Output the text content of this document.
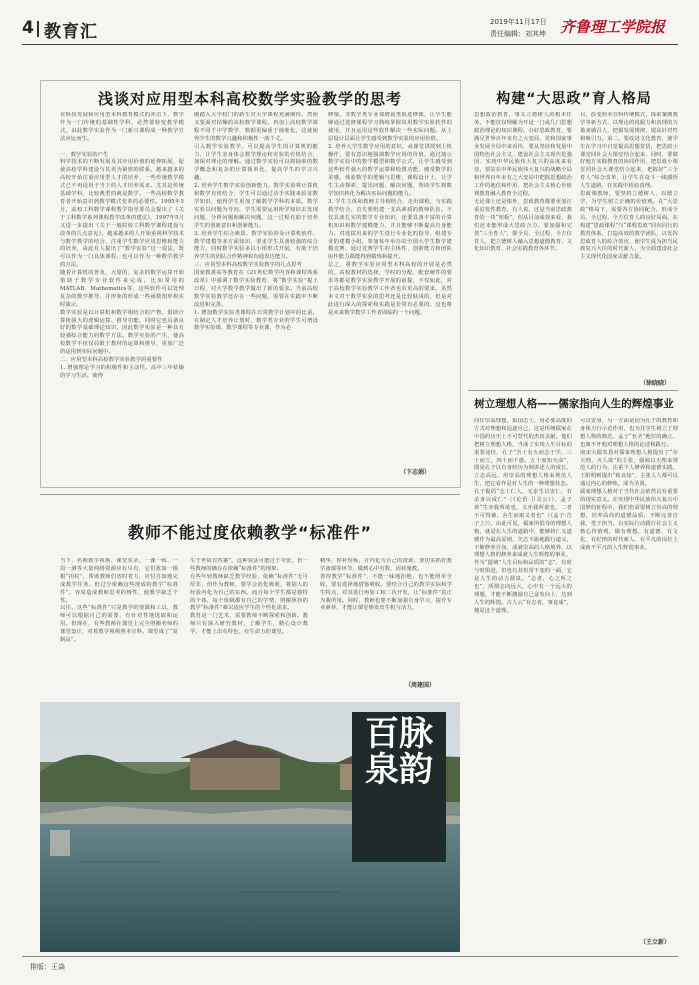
4 教育汇	2019年11月17日
责任编辑：刘其坤 齐鲁理工学院报
浅谈对应用型本科高校数学实验教学的思考
在科技发展和应用型本科教育模式的冲击下，数学作为一门传统的基础性学科，必然要转变教学模式，由此数学实验作为一门新兴课程成一种教学方法应运而生。

一、数学实验的产生
科学技术的不断发展及其应用价值的延伸拓展，促使高校学科建设与其更为紧密的联系。越来越多的高校开始注重应用型人才的培养，一些传统教学模式已不再适用于当下的人才培养需求。尤其是传统基础学科，比较典型的就是数学。一些高校数学教育者开始意识到教学模式变革的必要性。1995年5月，高校工科数学课程教学指导委员会提出了《关于工科数学系列课程教学改革的建议》，1997年5月又进一步提出《关于一般院校工科数学课程建设与改革的几点意见》。越来越多的人开始重视科学技术与数学教学的结合，注重学生数学应用思维和能力的培养，由此有人提出了“数学实验”这一说法，既可以作为一门具体课程，也可以作为一种数学教学的方法。
随着计算机的普及，大量的、复杂的数学运算开始借助于数学专业软件来完成，比如常用的MATLAB、Mathematics等，这些软件可以处理复杂的数学推导、并形象的形成一些函数图形和实时演示。
数学实验是以计算机和数学相结合的产物。借助计算机强大的逻辑运算、推导功能，同时它也具备良好的数学基础理论知识，因此数学实验是一种具有较强综合能力的数学方法。数学实验的产生，使高校数学不仅仅局限于教材的运算和推导，更加广泛的运用到实际问题中。
二、应用型本科高校数学实验教学的重要性
1. 增强理论学习的积极性和主动性。高中三年枯燥的学习生活，使得
刚踏入大学校门的新生对大学课程充满期待。然而又要面对枯燥的高校数学课程。再加上高校数学课程不同于中学数学，数据更偏重于抽象化，这就使得学生的数学兴趣和积极性一落千丈。
引入数学实验教学，可以提高学生的计算机的能力，让学生亲身体会数学理论和实验的有机结合，加深对理论的理解。通过数学实验可以将抽象的数学概念和复杂的计算简单化，提高学生的学习兴趣。
2. 培养学生数学实验创新能力。数学实验将计算机和数学有机结合，学生可以通过动手实践来验证数学知识，使得学生更加了解数学学科的本质。数学实验以问题为导向，学生需要运用所学知识去发现问题、分析问题和解决问题，这一过程有助于培养学生的创新意识和创新能力。
3. 培养学生综合素质。数学实验涉及计算机软件、数学建模等多方面知识，要求学生具备较强的综合能力。同时数学实验多以小组形式开展，有助于培养学生的团队合作精神和沟通表达能力。
三、应用型本科高校数学实验教学的几点思考
国家教委高等教育在《21世纪数学内容和课程体系改革》中强调了数学实验教育，将“数学实验”提上日程，对大学数学教学做出了新的要求。当前高校数学实验教学还存在一些问题，需要在实践中不断改进和完善。
1. 增加数学实验类课程在日常教学计划中的比重。在制定人才培养计划时，数学类专业的学生可增设数学实验课，数学课程等专业课，作为必
修课。非数学类专业课增设类似选修课，让学生能够通过选修课程学习熟练掌握常用数学实验软件的使用，并且运用这些软件解决一些实际问题。从上层设计层面让学生感受到数学实验的应用价值。
2. 培养大学生数学应用的意识。从课堂讲授到上机操作，要有意识地强调数学应用的价值。通过演示数学实验中的数学模型和数学公式，让学生感受到这些软件强大的数学运算和绘图功能，感受数学的美感，体验数学的逻辑与思维，课程设计上，让学生主动探索、提出问题、解决问题，帮助学生将数学知识转化为解决实际问题的能力。
3. 学生主体和教师主导相结合，走出课程，与实践教学结合。首先要组建一支高素质的教师队伍。不仅具备扎实的数学专业知识，还要具备丰富的计算机知识和数学建模能力，并且能够不断提高自身能力。对选拔出来的学生进行专业化的指导，组建专业的建模小组，参加每年举办的全国大学生数学建模竞赛。通过竞赛学生的主体性、创新能力和团队协作能力都能得到锻炼和提升。
总之，将数学实验应用型本科高校的开展是必然的。高校教材的选择，学时的分配、配套硬件的要求等都是数学实验教学开展的前提，不仅如此，对于高校数学实验教学工作者也有更高的要求。虽然本文对于数学实验的思考还是比较肤浅的，但是对此进行深入的探索和实践是非常有必要的。这也将是未来数学教学工作者面临的一个问题。
（卞志娟）
构建“大思政”育人格局
思想政治教育，事关立德树人的根本任务，不能仅仅理解为开设一门或几门思想政治理论的知识课程。办好思政教育，要满足世界百年未有之大变局、党和国家事业发展全局中来看待，要从坚持和发展中国特色社会主义、建设社会主义现代化强国、实现中华民族伟大复兴的高度来看待，要站在中华民族伟大复兴的战略全局和世界百年未有之大变局中把握思想政治工作的地位和作用，把社会主义核心价值观教育融入教育全过程。
无论课上还是课外，思政教育都要更加注重启发性教育，有人说，这是当前思政教育的一块“短板”，但从目前成效来看，我们还未能形成大思政合力。要加强和完善“三全育人”，即全员、全过程、全方位育人，把立德树人融入思想道德教育、文化知识教育、社会实践教育各环节。
目，改变照本宣科传统模式，探索案例教学等新方式，以理论的说服力和真理的力量来感召人，把握发展规律，提高针对性和吸引力。第二，要改进文化教育，使学生在学习中自觉提高思想觉悟，把思政小课堂同社会大课堂结合起来，同时，要做好地方实践教育的协同作用，把思政小课堂同社会大课堂结合起来，把握好“三全育人”综合改革，让学生在奋斗一线感悟人生道路，在实践中检验真理。
思政课教师，要坚持立德树人，以德立学，为学生树立正确的价值观。在“大思政”格局下，需要各方协同配合，形成全员、全过程、全方位育人的良好局面。在构建“思政课程”与“课程思政”同向同行的教育体系，打造高效的教学团队，以发挥思政育人的综合效应，使学生成为担当民族复兴大任的时代新人，为全面建设社会主义现代化国家贡献力量。
（徐晓晓）
树立理想人格——儒家指向人生的辉煌事业
向往崇高理想，报国志士，用必要高度的方式对理想和追逐自己，这是传统儒家在中国的历史上不可替代的杰出贡献。他们把树立理想人格，当成了实现人生目标的重要途径，孔子“吾十有五而志于学，三十而立，四十而不惑，五十而知天命”，即是孔子以自身经历为例讲述人的成长，立志高远，用崇高的理想人格来规范人生，把它看作是对人生的一种理想状态。
孔子提倡“志士仁人，无求生以害仁，有杀身以成仁”（《论语·卫灵公》），孟子讲“生亦我所欲也，义亦我所欲也，二者不可得兼，舍生而取义者也”（《孟子·告子上》）。由此可见，儒家所倡导的理想人格，就是在人生的道路中，能够将仁义道德作为最高原则，矢志不渝地践行道义，不断修养自身，成就崇高的人格境界，以理想人格的修养来成就人生辉煌的事业。
作为“提统”人生目标和品质的“志”，有时与时俱进，但也有其恒常不变的一面，它是人生的动力源泉。“志者，心之所之也”，所谓志向远大，心中有一个远大的理想，才能不断激励自己奋发向上，达到人生的辉煌。古人云“有志者，事竟成”，便是这个道理。
可以安身，另一方面是因为孔子的教育和身体力行示范作用，也为其学生树立了理想人格的典范。孟子“亚圣”地位的确立，也离不开他对理想人格的论述和践行。
南宋大儒朱熹对儒家理想人格提出了“存天理，灭人欲”的主张，强调以天理来规范人的行为，注重个人修养和道德实践。王阳明则提出“致良知”，主张人人都可以通过内心的修炼，成为圣贤。
儒家理想人格对于当代社会依然具有重要的现实意义。在实现中华民族伟大复兴中国梦的征程中，我们仍需要树立崇高的理想，培养高尚的道德品质，不断完善自我，勇于担当，以实际行动践行社会主义核心价值观，做有理想、有道德、有文化、有纪律的时代新人，在平凡的岗位上成就不平凡的人生辉煌事业。
（王立新）
教师不能过度依赖教学“标准件”
当下，名师教学视频、课堂实录、一课一练、一周一测等大量网络资源应有尽有，它们犹如一根根“拐杖”，帮助教师们省时省力，应付自如地完成教学任务。但过分依赖这些现成的教学“标准件”，容易造成教师思考的惰性，使教学缺乏个性。
以往，这些“标准件”只是教学的资源和工具，教师可以根据自己的需要，有针对性地选取和运用。但现在，有些教师在课堂上完全照搬名师的课堂设计，对着教学视频照本宣科，课堂成了“复制品”。
生于世故有答案”，这种说法可能过于夸张，但一些教师的确存在依赖“标准件”的现象。
有些年轻教师缺乏教学经验，依赖“标准件”无可厚非，但作为教师，要学会消化吸收，将别人的经验内化为自己的东西。而且每个学生都是独特的个体，每个班级都有自己的学情，照搬照抄的教学“标准件”难以适应学生的个性化需求。
教育是一门艺术，需要教师不断探索和创新。教师只有深入研究教材，了解学生，精心设计教学，才能上出有特色、有生命力的课堂。
精华，你补短板，并内化为自己的资源，要切实抓好教学备课等环节，做到心中有数，因材施教。
善待教学“标准件”，不能一味地拒绝，也不能照单全收，要有选择地借鉴吸收。要结合自己的教学实际和学生特点，对其进行再加工和二次开发，让“标准件”真正为我所用。同时，教师也要不断加强自身学习，提升专业素养，才能让课堂焕发出生机与活力。
（周建国）
百脉泉韵
排版：王焱
